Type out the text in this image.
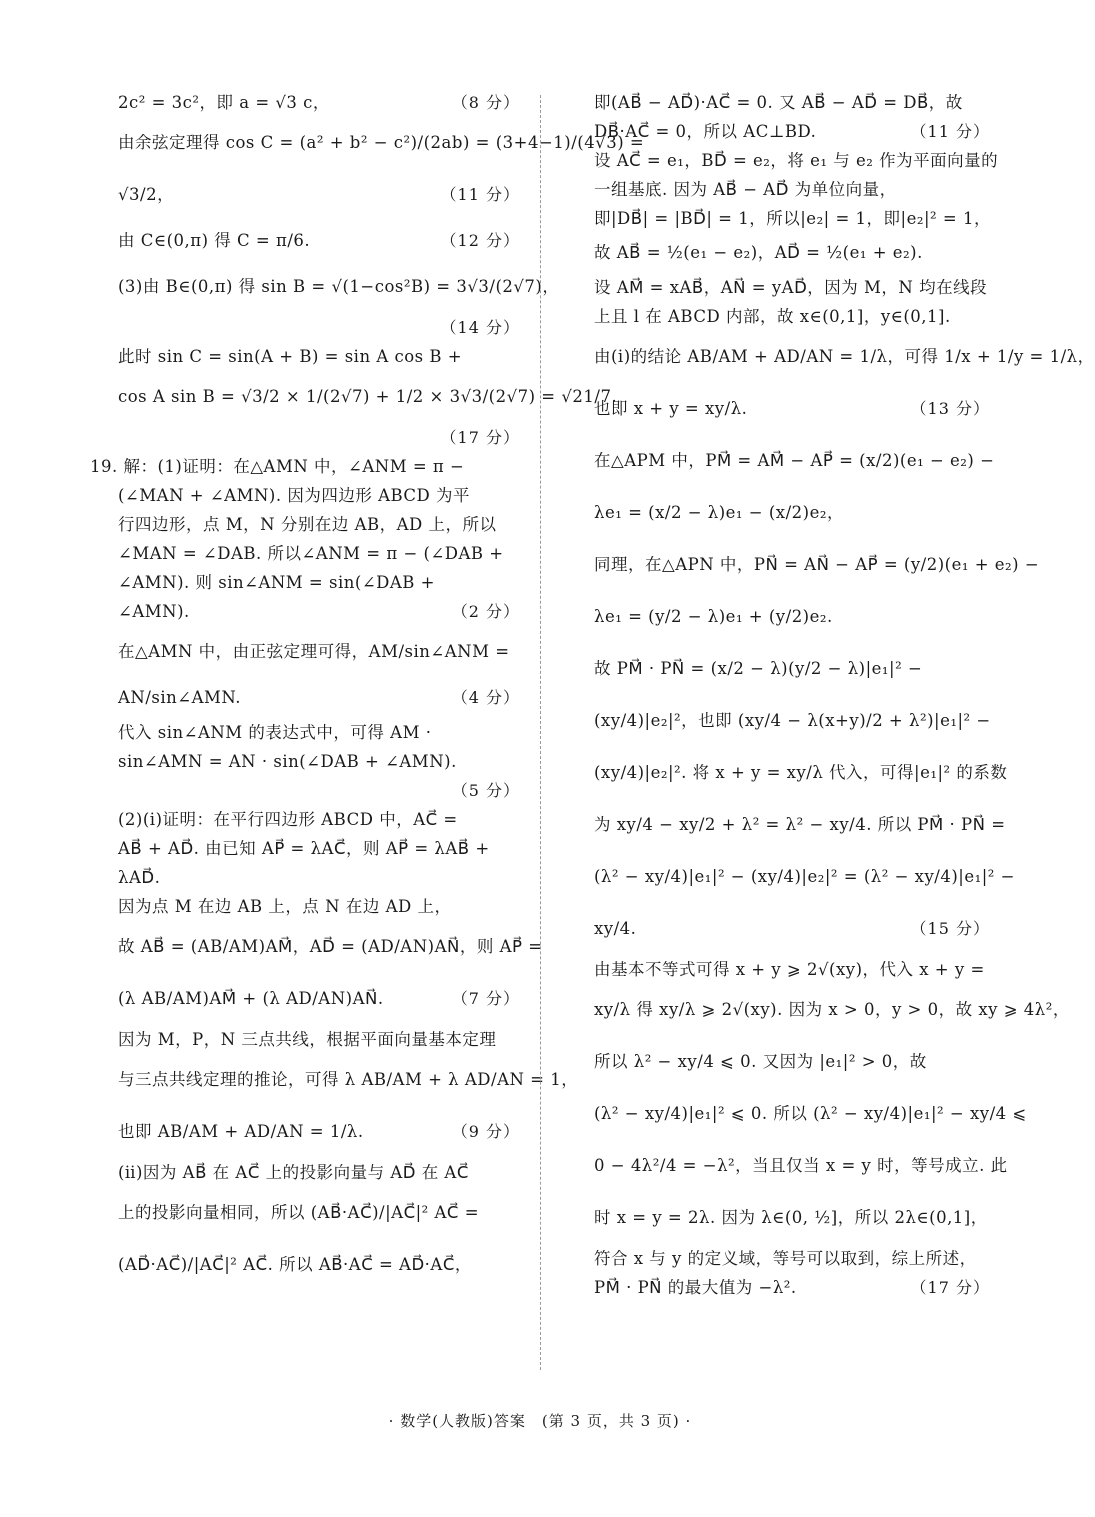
2c² = 3c²，即 a = √3 c，	（8 分）
由余弦定理得 cos C = (a² + b² − c²)/(2ab) = (3+4−1)/(4√3) =
√3/2，	（11 分）
由 C∈(0,π) 得 C = π/6.	（12 分）
(3)由 B∈(0,π) 得 sin B = √(1−cos²B) = 3√3/(2√7)，
（14 分）
此时 sin C = sin(A + B) = sin A cos B +
cos A sin B = √3/2 × 1/(2√7) + 1/2 × 3√3/(2√7) = √21/7.
（17 分）
19. 解：(1)证明：在△AMN 中，∠ANM = π −
(∠MAN + ∠AMN). 因为四边形 ABCD 为平
行四边形，点 M，N 分别在边 AB，AD 上，所以
∠MAN = ∠DAB. 所以∠ANM = π − (∠DAB +
∠AMN). 则 sin∠ANM = sin(∠DAB +
∠AMN).	（2 分）
在△AMN 中，由正弦定理可得，AM/sin∠ANM =
AN/sin∠AMN.	（4 分）
代入 sin∠ANM 的表达式中，可得 AM ·
sin∠AMN = AN · sin(∠DAB + ∠AMN).
（5 分）
(2)(ⅰ)证明：在平行四边形 ABCD 中，AC⃗ =
AB⃗ + AD⃗. 由已知 AP⃗ = λAC⃗，则 AP⃗ = λAB⃗ +
λAD⃗.
因为点 M 在边 AB 上，点 N 在边 AD 上，
故 AB⃗ = (AB/AM)AM⃗，AD⃗ = (AD/AN)AN⃗，则 AP⃗ =
(λ AB/AM)AM⃗ + (λ AD/AN)AN⃗.	（7 分）
因为 M，P，N 三点共线，根据平面向量基本定理
与三点共线定理的推论，可得 λ AB/AM + λ AD/AN = 1，
也即 AB/AM + AD/AN = 1/λ.	（9 分）
(ⅱ)因为 AB⃗ 在 AC⃗ 上的投影向量与 AD⃗ 在 AC⃗
上的投影向量相同，所以 (AB⃗·AC⃗)/|AC⃗|² AC⃗ =
(AD⃗·AC⃗)/|AC⃗|² AC⃗. 所以 AB⃗·AC⃗ = AD⃗·AC⃗，
即(AB⃗ − AD⃗)·AC⃗ = 0. 又 AB⃗ − AD⃗ = DB⃗，故
DB⃗·AC⃗ = 0，所以 AC⊥BD.	（11 分）
设 AC⃗ = e₁，BD⃗ = e₂，将 e₁ 与 e₂ 作为平面向量的
一组基底. 因为 AB⃗ − AD⃗ 为单位向量，
即|DB⃗| = |BD⃗| = 1，所以|e₂| = 1，即|e₂|² = 1，
故 AB⃗ = ½(e₁ − e₂)，AD⃗ = ½(e₁ + e₂).
设 AM⃗ = xAB⃗，AN⃗ = yAD⃗，因为 M，N 均在线段
上且 l 在 ABCD 内部，故 x∈(0,1]，y∈(0,1].
由(ⅰ)的结论 AB/AM + AD/AN = 1/λ，可得 1/x + 1/y = 1/λ，
也即 x + y = xy/λ.	（13 分）
在△APM 中，PM⃗ = AM⃗ − AP⃗ = (x/2)(e₁ − e₂) −
λe₁ = (x/2 − λ)e₁ − (x/2)e₂，
同理，在△APN 中，PN⃗ = AN⃗ − AP⃗ = (y/2)(e₁ + e₂) −
λe₁ = (y/2 − λ)e₁ + (y/2)e₂.
故 PM⃗ · PN⃗ = (x/2 − λ)(y/2 − λ)|e₁|² −
(xy/4)|e₂|²，也即 (xy/4 − λ(x+y)/2 + λ²)|e₁|² −
(xy/4)|e₂|². 将 x + y = xy/λ 代入，可得|e₁|² 的系数
为 xy/4 − xy/2 + λ² = λ² − xy/4. 所以 PM⃗ · PN⃗ =
(λ² − xy/4)|e₁|² − (xy/4)|e₂|² = (λ² − xy/4)|e₁|² −
xy/4.	（15 分）
由基本不等式可得 x + y ⩾ 2√(xy)，代入 x + y =
xy/λ 得 xy/λ ⩾ 2√(xy). 因为 x > 0，y > 0，故 xy ⩾ 4λ²，
所以 λ² − xy/4 ⩽ 0. 又因为 |e₁|² > 0，故
(λ² − xy/4)|e₁|² ⩽ 0. 所以 (λ² − xy/4)|e₁|² − xy/4 ⩽
0 − 4λ²/4 = −λ²，当且仅当 x = y 时，等号成立. 此
时 x = y = 2λ. 因为 λ∈(0, ½]，所以 2λ∈(0,1]，
符合 x 与 y 的定义域，等号可以取到，综上所述，
PM⃗ · PN⃗ 的最大值为 −λ².	（17 分）
· 数学(人教版)答案　(第 3 页，共 3 页) ·
